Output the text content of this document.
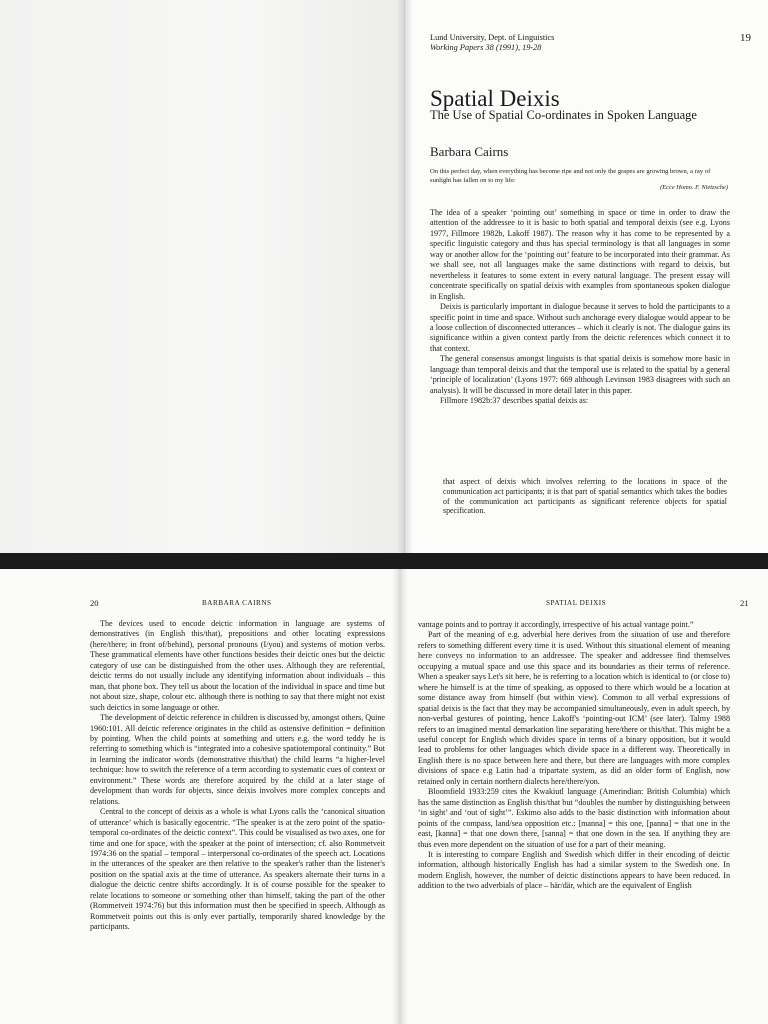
Lund University, Dept. of Linguistics
Working Papers 38 (1991), 19-28
19
Spatial Deixis
The Use of Spatial Co-ordinates in Spoken Language
Barbara Cairns
On this perfect day, when everything has become ripe and not only the grapes are growing brown, a ray of sunlight has fallen on to my life:
(Ecce Homo. F. Nietzsche)

The idea of a speaker ‘pointing out’ something in space or time in order to draw the attention of the addressee to it is basic to both spatial and temporal deixis (see e.g. Lyons 1977, Fillmore 1982b, Lakoff 1987). The reason why it has come to be represented by a specific linguistic category and thus has special terminology is that all languages in some way or another allow for the ‘pointing out’ feature to be incorporated into their grammar. As we shall see, not all languages make the same distinctions with regard to deixis, but nevertheless it features to some extent in every natural language. The present essay will concentrate specifically on spatial deixis with examples from spontaneous spoken dialogue in English.

Deixis is particularly important in dialogue because it serves to hold the participants to a specific point in time and space. Without such anchorage every dialogue would appear to be a loose collection of disconnected utterances – which it clearly is not. The dialogue gains its significance within a given context partly from the deictic references which connect it to that context.

The general consensus amongst linguists is that spatial deixis is somehow more basic in language than temporal deixis and that the temporal use is related to the spatial by a general ‘principle of localization’ (Lyons 1977: 669 although Levinson 1983 disagrees with such an analysis). It will be discussed in more detail later in this paper.

Fillmore 1982b:37 describes spatial deixis as:

that aspect of deixis which involves referring to the locations in space of the communication act participants; it is that part of spatial semantics which takes the bodies of the communication act participants as significant reference objects for spatial specification.
20	BARBARA CAIRNS	SPATIAL DEIXIS	21

The devices used to encode deictic information in language are systems of demonstratives (in English this/that), prepositions and other locating expressions (here/there; in front of/behind), personal pronouns (I/you) and systems of motion verbs. These grammatical elements have other functions besides their deictic ones but the deictic category of use can be distinguished from the other uses. Although they are referential, deictic terms do not usually include any identifying information about individuals – this man, that phone box. They tell us about the location of the individual in space and time but not about size, shape, colour etc. although there is nothing to say that there might not exist such deictics in some language or other.

The development of deictic reference in children is discussed by, amongst others, Quine 1960:101. All deictic reference originates in the child as ostensive definition = definition by pointing. When the child points at something and utters e.g. the word teddy he is referring to something which is “integrated into a cohesive spatiotemporal continuity.” But in learning the indicator words (demonstrative this/that) the child learns “a higher-level technique: how to switch the reference of a term according to systematic cues of context or environment.” These words are therefore acquired by the child at a later stage of development than words for objects, since deixis involves more complex concepts and relations.

Central to the concept of deixis as a whole is what Lyons calls the ‘canonical situation of utterance’ which is basically egocentric. “The speaker is at the zero point of the spatio-temporal co-ordinates of the deictic context”. This could be visualised as two axes, one for time and one for space, with the speaker at the point of intersection; cf. also Rommetveit 1974:36 on the spatial – temporal – interpersonal co-ordinates of the speech act. Locations in the utterances of the speaker are then relative to the speaker's rather than the listener's position on the spatial axis at the time of utterance. As speakers alternate their turns in a dialogue the deictic centre shifts accordingly. It is of course possible for the speaker to relate locations to someone or something other than himself, taking the part of the other (Rommetveit 1974:76) but this information must then be specified in speech. Although as Rommetveit points out this is only ever partially, temporarily shared knowledge by the participants.

vantage points and to portray it accordingly, irrespective of his actual vantage point.”

Part of the meaning of e.g. adverbial here derives from the situation of use and therefore refers to something different every time it is used. Without this situational element of meaning here conveys no information to an addressee. The speaker and addressee find themselves occupying a mutual space and use this space and its boundaries as their terms of reference. When a speaker says Let's sit here, he is referring to a location which is identical to (or close to) where he himself is at the time of speaking, as opposed to there which would be a location at some distance away from himself (but within view). Common to all verbal expressions of spatial deixis is the fact that they may be accompanied simultaneously, even in adult speech, by non-verbal gestures of pointing, hence Lakoff's ‘pointing-out ICM’ (see later). Talmy 1988 refers to an imagined mental demarkation line separating here/there or this/that. This might be a useful concept for English which divides space in terms of a binary opposition, but it would lead to problems for other languages which divide space in a different way. Theoretically in English there is no space between here and there, but there are languages with more complex divisions of space e.g Latin had a tripartate system, as did an older form of English, now retained only in certain northern dialects here/there/yon.

Bloomfield 1933:259 cites the Kwakiutl language (Amerindian: British Columbia) which has the same distinction as English this/that but “doubles the number by distinguishing between ‘in sight’ and ‘out of sight’”. Eskimo also adds to the basic distinction with information about points of the compass, land/sea opposition etc.: [manna] = this one, [panna] = that one in the east, [kanna] = that one down there, [sanna] = that one down in the sea. If anything they are thus even more dependent on the situation of use for a part of their meaning.

It is interesting to compare English and Swedish which differ in their encoding of deictic information, although historically English has had a similar system to the Swedish one. In modern English, however, the number of deictic distinctions appears to have been reduced. In addition to the two adverbials of place – här/där, which are the equivalent of English
